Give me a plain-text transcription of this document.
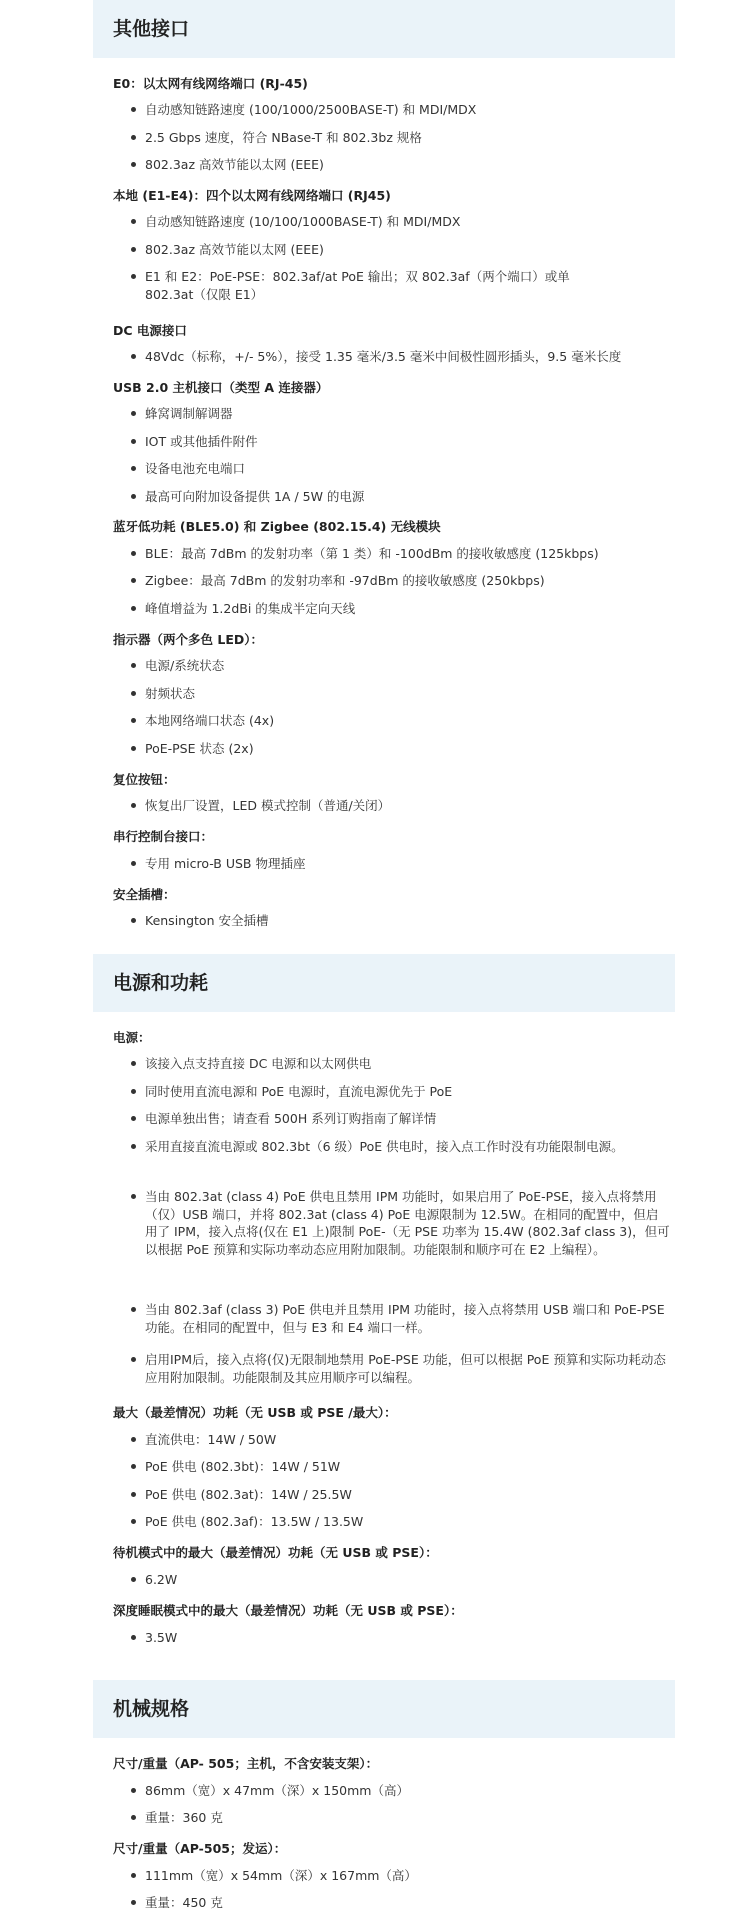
其他接口
E0：以太网有线网络端口 (RJ-45)
自动感知链路速度 (100/1000/2500BASE-T) 和 MDI/MDX
2.5 Gbps 速度，符合 NBase-T 和 802.3bz 规格
802.3az 高效节能以太网 (EEE)
本地 (E1-E4)：四个以太网有线网络端口 (RJ45)
自动感知链路速度 (10/100/1000BASE-T) 和 MDI/MDX
802.3az 高效节能以太网 (EEE)
E1 和 E2：PoE-PSE：802.3af/at PoE 输出；双 802.3af（两个端口）或单 802.3at（仅限 E1）
DC 电源接口
48Vdc（标称，+/- 5%），接受 1.35 毫米/3.5 毫米中间极性圆形插头，9.5 毫米长度
USB 2.0 主机接口（类型 A 连接器）
蜂窝调制解调器
IOT 或其他插件附件
设备电池充电端口
最高可向附加设备提供 1A / 5W 的电源
蓝牙低功耗 (BLE5.0) 和 Zigbee (802.15.4) 无线模块
BLE：最高 7dBm 的发射功率（第 1 类）和 -100dBm 的接收敏感度 (125kbps)
Zigbee：最高 7dBm 的发射功率和 -97dBm 的接收敏感度 (250kbps)
峰值增益为 1.2dBi 的集成半定向天线
指示器（两个多色 LED）：
电源/系统状态
射频状态
本地网络端口状态 (4x)
PoE-PSE 状态 (2x)
复位按钮：
恢复出厂设置，LED 模式控制（普通/关闭）
串行控制台接口：
专用 micro-B USB 物理插座
安全插槽：
Kensington 安全插槽
电源和功耗
电源：
该接入点支持直接 DC 电源和以太网供电
同时使用直流电源和 PoE 电源时，直流电源优先于 PoE
电源单独出售；请查看 500H 系列订购指南了解详情
采用直接直流电源或 802.3bt（6 级）PoE 供电时，接入点工作时没有功能限制电源。
当由 802.3at (class 4) PoE 供电且禁用 IPM 功能时，如果启用了 PoE-PSE，接入点将禁用（仅）USB 端口，并将 802.3at (class 4) PoE 电源限制为 12.5W。在相同的配置中，但启用了 IPM，接入点将(仅在 E1 上)限制 PoE-（无 PSE 功率为 15.4W (802.3af class 3)，但可以根据 PoE 预算和实际功率动态应用附加限制。功能限制和顺序可在 E2 上编程）。
当由 802.3af (class 3) PoE 供电并且禁用 IPM 功能时，接入点将禁用 USB 端口和 PoE-PSE 功能。在相同的配置中，但与 E3 和 E4 端口一样。
启用IPM后，接入点将(仅)无限制地禁用 PoE-PSE 功能，但可以根据 PoE 预算和实际功耗动态应用附加限制。功能限制及其应用顺序可以编程。
最大（最差情况）功耗（无 USB 或 PSE /最大）：
直流供电：14W / 50W
PoE 供电 (802.3bt)：14W / 51W
PoE 供电 (802.3at)：14W / 25.5W
PoE 供电 (802.3af)：13.5W / 13.5W
待机模式中的最大（最差情况）功耗（无 USB 或 PSE）：
6.2W
深度睡眠模式中的最大（最差情况）功耗（无 USB 或 PSE）：
3.5W
机械规格
尺寸/重量（AP- 505；主机，不含安装支架）：
86mm（宽）x 47mm（深）x 150mm（高）
重量：360 克
尺寸/重量（AP-505；发运）：
111mm（宽）x 54mm（深）x 167mm（高）
重量：450 克
